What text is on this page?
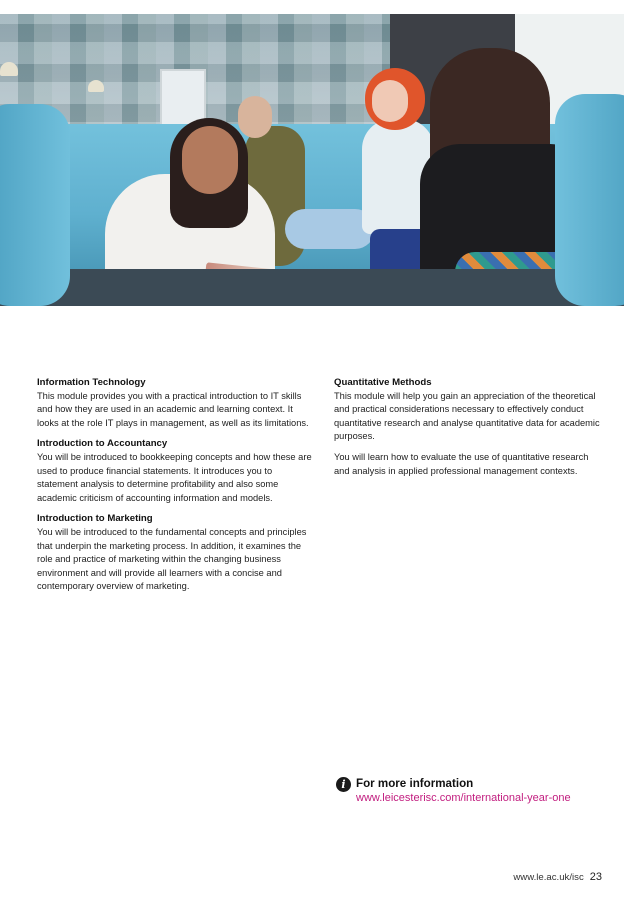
Information Technology

This module provides you with a practical introduction to IT skills and how they are used in an academic and learning context. It looks at the role IT plays in management, as well as its limitations.

Introduction to Accountancy

You will be introduced to bookkeeping concepts and how these are used to produce financial statements. It introduces you to statement analysis to determine profitability and also some academic criticism of accounting information and models.

Introduction to Marketing

You will be introduced to the fundamental concepts and principles that underpin the marketing process. In addition, it examines the role and practice of marketing within the changing business environment and will provide all learners with a concise and contemporary overview of marketing.

Quantitative Methods

This module will help you gain an appreciation of the theoretical and practical considerations necessary to effectively conduct quantitative research and analyse quantitative data for academic purposes.

You will learn how to evaluate the use of quantitative research and analysis in applied professional management contexts.

i For more information
www.leicesterisc.com/international-year-one
www.le.ac.uk/isc 23
